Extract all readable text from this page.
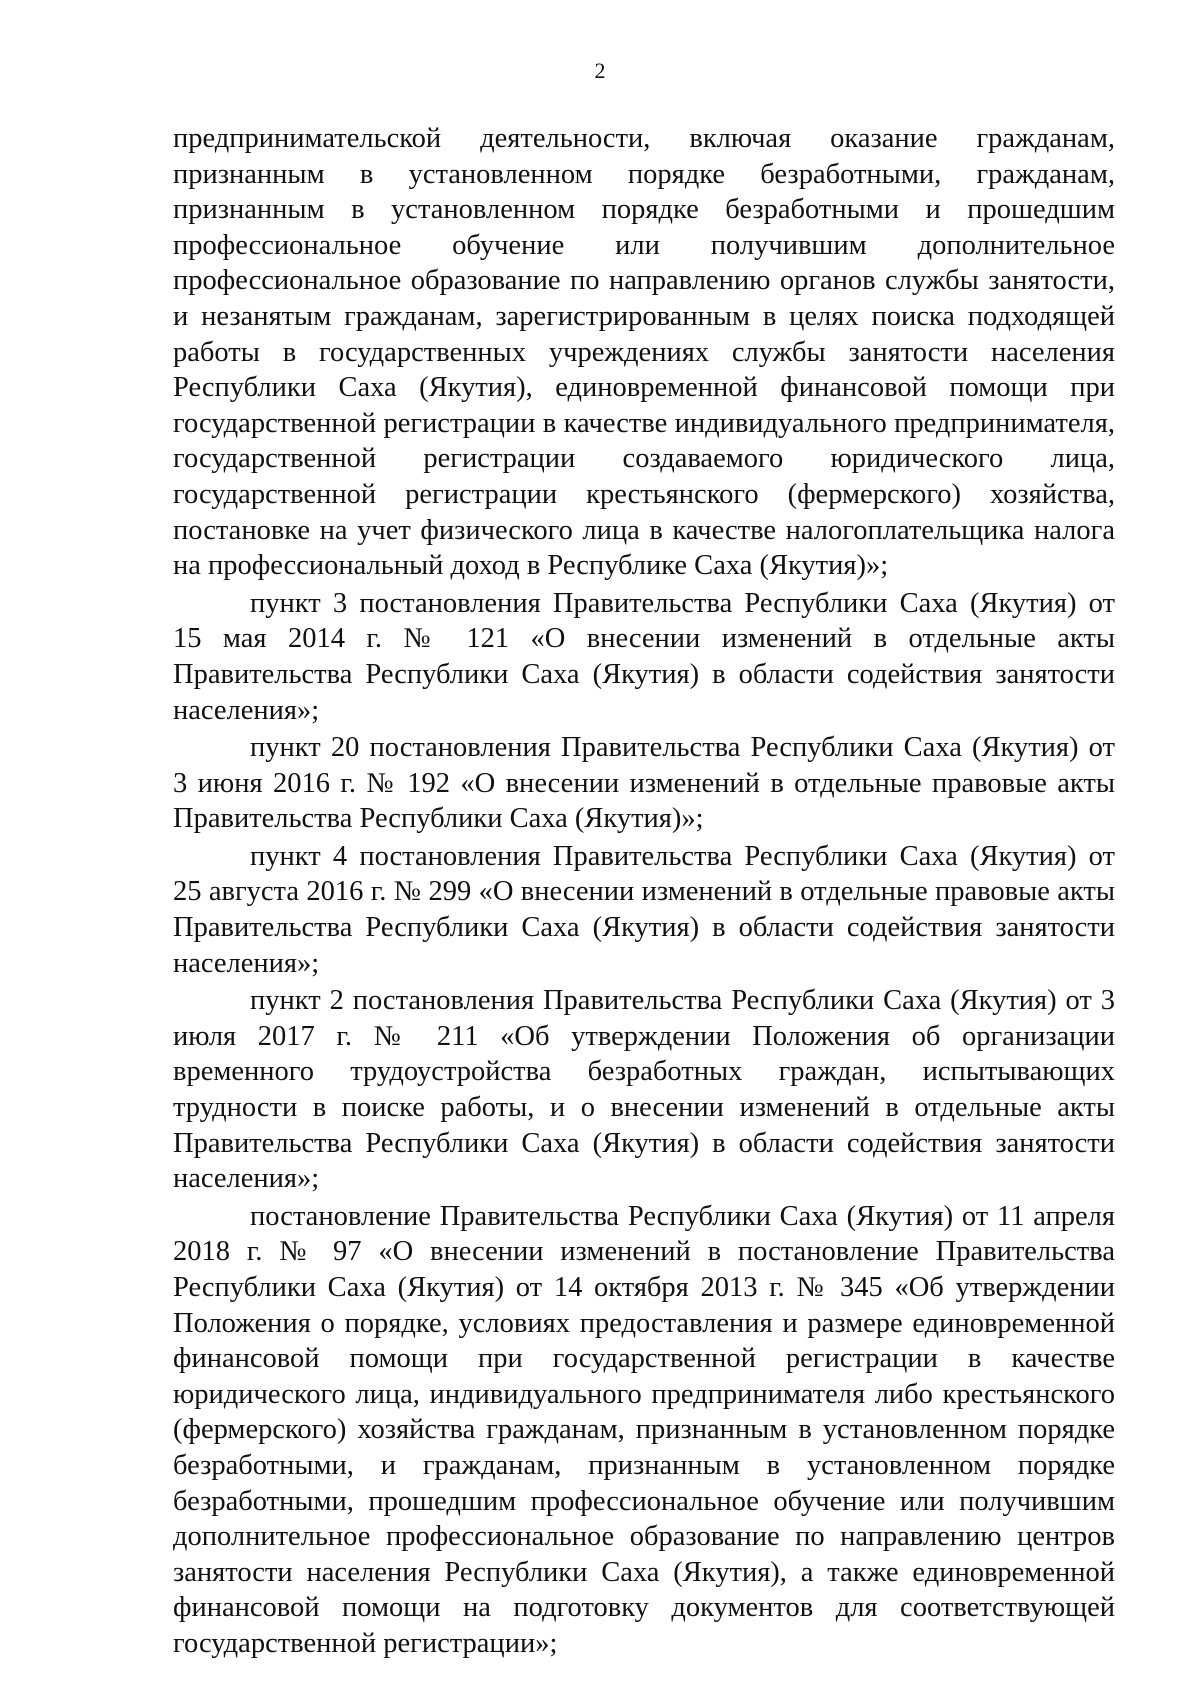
2

предпринимательской деятельности, включая оказание гражданам, признанным в установленном порядке безработными, гражданам, признанным в установленном порядке безработными и прошедшим профессиональное обучение или получившим дополнительное профессиональное образование по направлению органов службы занятости, и незанятым гражданам, зарегистрированным в целях поиска подходящей работы в государственных учреждениях службы занятости населения Республики Саха (Якутия), единовременной финансовой помощи при государственной регистрации в качестве индивидуального предпринимателя, государственной регистрации создаваемого юридического лица, государственной регистрации крестьянского (фермерского) хозяйства, постановке на учет физического лица в качестве налогоплательщика налога на профессиональный доход в Республике Саха (Якутия)»;

пункт 3 постановления Правительства Республики Саха (Якутия) от 15 мая 2014 г. № 121 «О внесении изменений в отдельные акты Правительства Республики Саха (Якутия) в области содействия занятости населения»;

пункт 20 постановления Правительства Республики Саха (Якутия) от 3 июня 2016 г. № 192 «О внесении изменений в отдельные правовые акты Правительства Республики Саха (Якутия)»;

пункт 4 постановления Правительства Республики Саха (Якутия) от 25 августа 2016 г. № 299 «О внесении изменений в отдельные правовые акты Правительства Республики Саха (Якутия) в области содействия занятости населения»;

пункт 2 постановления Правительства Республики Саха (Якутия) от 3 июля 2017 г. № 211 «Об утверждении Положения об организации временного трудоустройства безработных граждан, испытывающих трудности в поиске работы, и о внесении изменений в отдельные акты Правительства Республики Саха (Якутия) в области содействия занятости населения»;

постановление Правительства Республики Саха (Якутия) от 11 апреля 2018 г. № 97 «О внесении изменений в постановление Правительства Республики Саха (Якутия) от 14 октября 2013 г. № 345 «Об утверждении Положения о порядке, условиях предоставления и размере единовременной финансовой помощи при государственной регистрации в качестве юридического лица, индивидуального предпринимателя либо крестьянского (фермерского) хозяйства гражданам, признанным в установленном порядке безработными, и гражданам, признанным в установленном порядке безработными, прошедшим профессиональное обучение или получившим дополнительное профессиональное образование по направлению центров занятости населения Республики Саха (Якутия), а также единовременной финансовой помощи на подготовку документов для соответствующей государственной регистрации»;
